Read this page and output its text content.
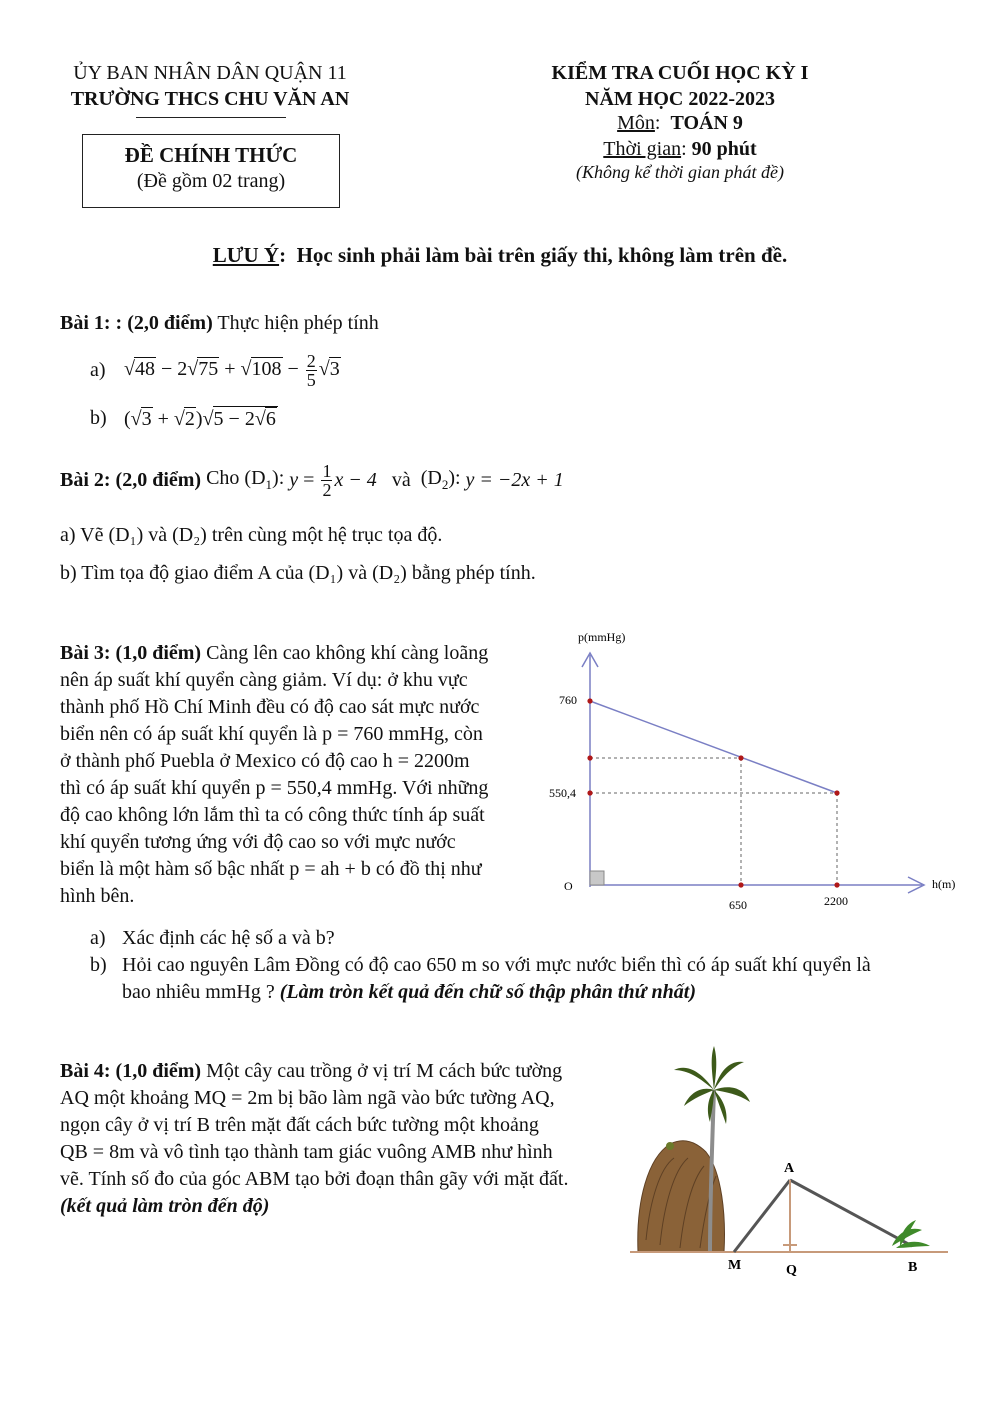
ỦY BAN NHÂN DÂN QUẬN 11
TRƯỜNG THCS CHU VĂN AN
ĐỀ CHÍNH THỨC
(Đề gồm 02 trang)
KIỂM TRA CUỐI HỌC KỲ I
NĂM HỌC 2022-2023
Môn:  TOÁN 9
Thời gian: 90 phút
(Không kể thời gian phát đề)
LƯU Ý:  Học sinh phải làm bài trên giấy thi, không làm trên đề.
Bài 1: : (2,0 điểm) Thực hiện phép tính
a) $√48 - 2√75 + √108 - \frac{2}{5} √3$
b) (√3 + √2)√5 − 2√6
Bài 2: (2,0 điểm)
Cho $(D_1)$:
$y = \frac{1}{2}$ x − 4
và
$(D_2)$:
y = −2x + 1
a) Vẽ (D₁) và (D₂) trên cùng một hệ trục tọa độ.
b) Tìm tọa độ giao điểm A của (D₁) và (D₂) bằng phép tính.
Bài 3: (1,0 điểm) Càng lên cao không khí càng loãng
nên áp suất khí quyển càng giảm. Ví dụ: ở khu vực
thành phố Hồ Chí Minh đều có độ cao sát mực nước
biển nên có áp suất khí quyển là p = 760 mmHg, còn
ở thành phố Puebla ở Mexico có độ cao h = 2200m
thì có áp suất khí quyển p = 550,4 mmHg. Với những
độ cao không lớn lắm thì ta có công thức tính áp suất
khí quyển tương ứng với độ cao so với mực nước
biển là một hàm số bậc nhất p = ah + b có đồ thị như
hình bên.
p(mmHg)
h(m)
O
760
550,4
650	2200
a) Xác định các hệ số a và b?
b) Hỏi cao nguyên Lâm Đồng có độ cao 650 m so với mực nước biển thì có áp suất khí quyển là
bao nhiêu mmHg ? (Làm tròn kết quả đến chữ số thập phân thứ nhất)
Bài 4: (1,0 điểm) Một cây cau trồng ở vị trí M cách bức tường
AQ một khoảng MQ = 2m bị bão làm ngã vào bức tường AQ,
ngọn cây ở vị trí B trên mặt đất cách bức tường một khoảng
QB = 8m và vô tình tạo thành tam giác vuông AMB như hình
vẽ. Tính số đo của góc ABM tạo bởi đoạn thân gãy với mặt đất.
(kết quả làm tròn đến độ)
A
M	Q	B
